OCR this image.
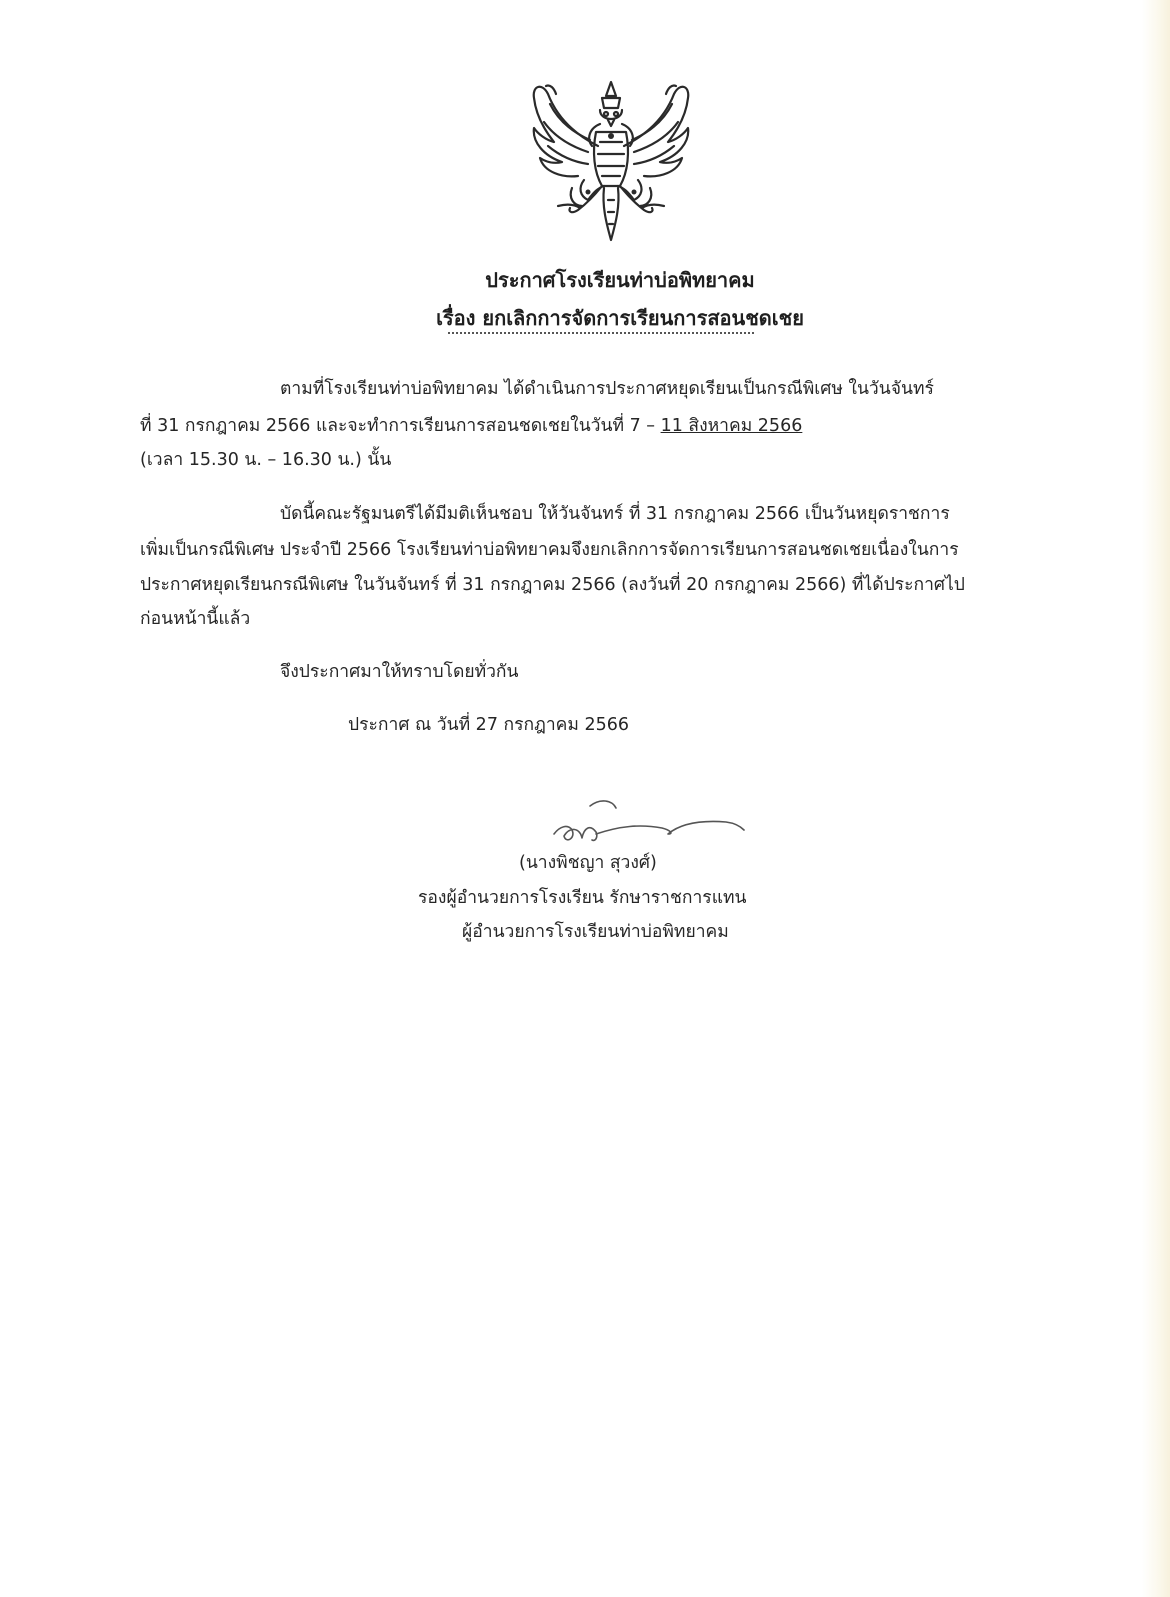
ประกาศโรงเรียนท่าบ่อพิทยาคม
เรื่อง ยกเลิกการจัดการเรียนการสอนชดเชย
ตามที่โรงเรียนท่าบ่อพิทยาคม ได้ดำเนินการประกาศหยุดเรียนเป็นกรณีพิเศษ ในวันจันทร์
ที่ 31 กรกฎาคม 2566 และจะทำการเรียนการสอนชดเชยในวันที่ 7 – 11 สิงหาคม 2566
(เวลา 15.30 น. – 16.30 น.) นั้น
บัดนี้คณะรัฐมนตรีได้มีมติเห็นชอบ ให้วันจันทร์ ที่ 31 กรกฎาคม 2566 เป็นวันหยุดราชการ
เพิ่มเป็นกรณีพิเศษ ประจำปี 2566 โรงเรียนท่าบ่อพิทยาคมจึงยกเลิกการจัดการเรียนการสอนชดเชยเนื่องในการ
ประกาศหยุดเรียนกรณีพิเศษ ในวันจันทร์ ที่ 31 กรกฎาคม 2566 (ลงวันที่ 20 กรกฎาคม 2566) ที่ได้ประกาศไป
ก่อนหน้านี้แล้ว
จึงประกาศมาให้ทราบโดยทั่วกัน
ประกาศ ณ วันที่ 27 กรกฎาคม 2566
(นางพิชญา สุวงศ์)
รองผู้อำนวยการโรงเรียน รักษาราชการแทน
ผู้อำนวยการโรงเรียนท่าบ่อพิทยาคม
